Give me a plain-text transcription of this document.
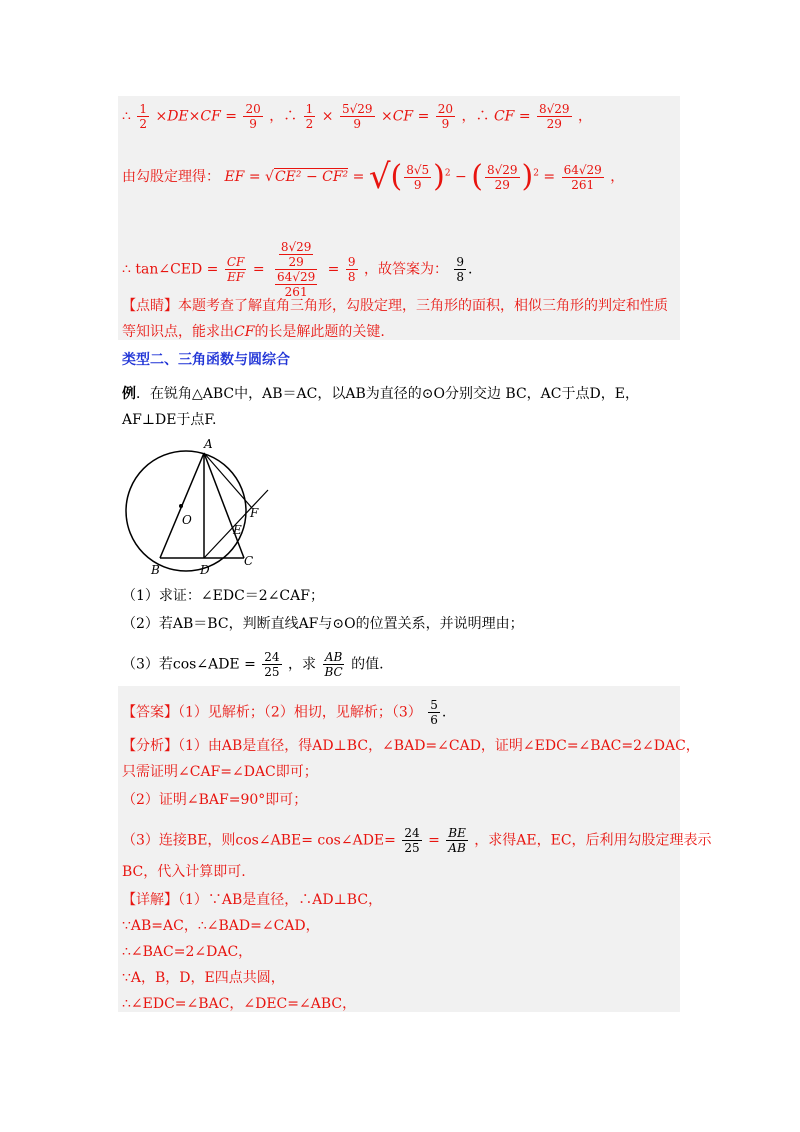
∴ $\frac{1}{2} \times DE\times CF = \frac{20}{9}$ ，∴ $\frac{1}{2} \times \frac{5√29}{9} \times CF = \frac{20}{9}$ ，∴ CF = $\frac{8√29}{29}$ ，
由勾股定理得： EF = √CE² − CF² = √( $\frac{8√5}{9} )^2$ − ( $\frac{8√29}{29} )^2 = \frac{64√29}{261}$ ，
∴ tan∠CED = $\frac{CF}{EF} = \frac{\frac{8√29}{29}}{\frac{64√29}{261}} = \frac{9}{8}$ ，故答案为： $\frac{9}{8}$ .
【点睛】本题考查了解直角三角形，勾股定理，三角形的面积，相似三角形的判定和性质
等知识点，能求出CF的长是解此题的关键.
类型二、三角函数与圆综合
例．在锐角△ABC中，AB＝AC，以AB为直径的⊙O分别交边 BC，AC于点D，E，
AF⊥DE于点F.
A
O	F
E
B	D
C
（1）求证：∠EDC＝2∠CAF；
（2）若AB＝BC，判断直线AF与⊙O的位置关系，并说明理由；
（3）若cos∠ADE = $\frac{24}{25}$ ，求 $\frac{AB}{BC}$ 的值.
【答案】（1）见解析；（2）相切，见解析；$(3) \frac{5}{6}$ .
【分析】（1）由AB是直径，得AD⊥BC，∠BAD=∠CAD，证明∠EDC=∠BAC=2∠DAC，
只需证明∠CAF=∠DAC即可；
（2）证明∠BAF=90°即可；
（3）连接BE，则cos∠ABE= cos∠ADE= $\frac{24}{25} = \frac{BE}{AB}$ ，求得AE，EC，后利用勾股定理表示
BC，代入计算即可.
【详解】（1）∵AB是直径，∴AD⊥BC，
∵AB=AC，∴∠BAD=∠CAD，
∴∠BAC=2∠DAC，
∵A，B，D，E四点共圆，
∴∠EDC=∠BAC，∠DEC=∠ABC，
